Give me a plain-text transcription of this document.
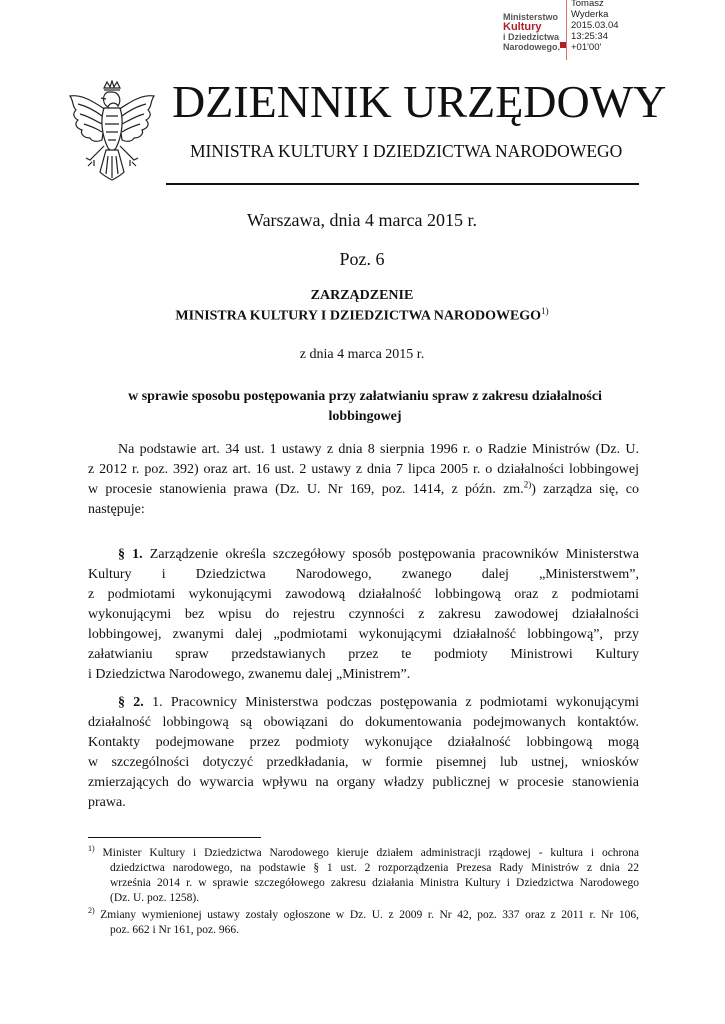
Ministerstwo
Kultury
i Dziedzictwa
Narodowego.
Tomasz
Wyderka
2015.03.04
13:25:34
+01'00'
DZIENNIK URZĘDOWY
MINISTRA KULTURY I DZIEDZICTWA NARODOWEGO
Warszawa, dnia 4 marca 2015 r.
Poz. 6
ZARZĄDZENIE
MINISTRA KULTURY I DZIEDZICTWA NARODOWEGO$^{1)}$
z dnia 4 marca 2015 r.
w sprawie sposobu postępowania przy załatwianiu spraw z zakresu działalności
lobbingowej
Na podstawie art. 34 ust. 1 ustawy z dnia 8 sierpnia 1996 r. o Radzie Ministrów (Dz. U.
z 2012 r. poz. 392) oraz art. 16 ust. 2 ustawy z dnia 7 lipca 2005 r. o działalności lobbingowej
w procesie stanowienia prawa (Dz. U. Nr 169, poz. 1414, z późn. zm.$^{2)}$) zarządza się, co
następuje:
§ 1. Zarządzenie określa szczegółowy sposób postępowania pracowników Ministerstwa
Kultury i Dziedzictwa Narodowego, zwanego dalej „Ministerstwem”,
z podmiotami wykonującymi zawodową działalność lobbingową oraz z podmiotami
wykonującymi bez wpisu do rejestru czynności z zakresu zawodowej działalności
lobbingowej, zwanymi dalej „podmiotami wykonującymi działalność lobbingową”, przy
załatwianiu spraw przedstawianych przez te podmioty Ministrowi Kultury
i Dziedzictwa Narodowego, zwanemu dalej „Ministrem”.
§ 2. 1. Pracownicy Ministerstwa podczas postępowania z podmiotami wykonującymi
działalność lobbingową są obowiązani do dokumentowania podejmowanych kontaktów.
Kontakty podejmowane przez podmioty wykonujące działalność lobbingową mogą
w szczególności dotyczyć przedkładania, w formie pisemnej lub ustnej, wniosków
zmierzających do wywarcia wpływu na organy władzy publicznej w procesie stanowienia
prawa.
$^{1)}$ Minister Kultury i Dziedzictwa Narodowego kieruje działem administracji rządowej - kultura i ochrona
dziedzictwa narodowego, na podstawie § 1 ust. 2 rozporządzenia Prezesa Rady Ministrów z dnia 22
września 2014 r. w sprawie szczegółowego zakresu działania Ministra Kultury i Dziedzictwa Narodowego
(Dz. U. poz. 1258).
$^{2)}$ Zmiany wymienionej ustawy zostały ogłoszone w Dz. U. z 2009 r. Nr 42, poz. 337 oraz z 2011 r. Nr 106,
poz. 662 i Nr 161, poz. 966.
